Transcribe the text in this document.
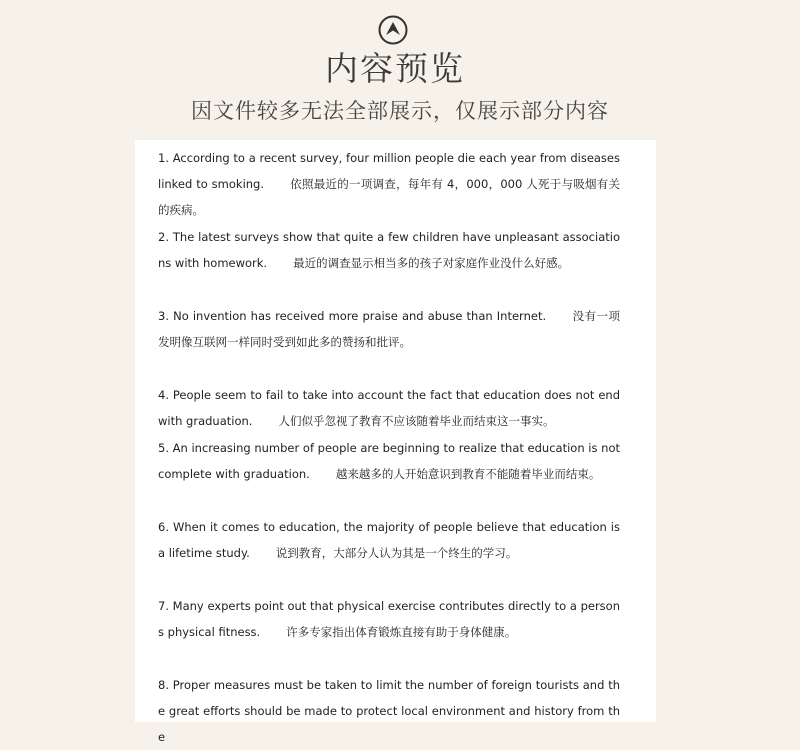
内容预览
因文件较多无法全部展示，仅展示部分内容
1. According to a recent survey, four million people die each year from diseases linked to smoking. 依照最近的一项调查，每年有 4，000，000 人死于与吸烟有关的疾病。
2. The latest surveys show that quite a few children have unpleasant associations with homework. 最近的调查显示相当多的孩子对家庭作业没什么好感。
3. No invention has received more praise and abuse than Internet. 没有一项发明像互联网一样同时受到如此多的赞扬和批评。
4. People seem to fail to take into account the fact that education does not end with graduation. 人们似乎忽视了教育不应该随着毕业而结束这一事实。
5. An increasing number of people are beginning to realize that education is not complete with graduation. 越来越多的人开始意识到教育不能随着毕业而结束。
6. When it comes to education, the majority of people believe that education is a lifetime study. 说到教育，大部分人认为其是一个终生的学习。
7. Many experts point out that physical exercise contributes directly to a persons physical fitness. 许多专家指出体育锻炼直接有助于身体健康。
8. Proper measures must be taken to limit the number of foreign tourists and the great efforts should be made to protect local environment and history from the
